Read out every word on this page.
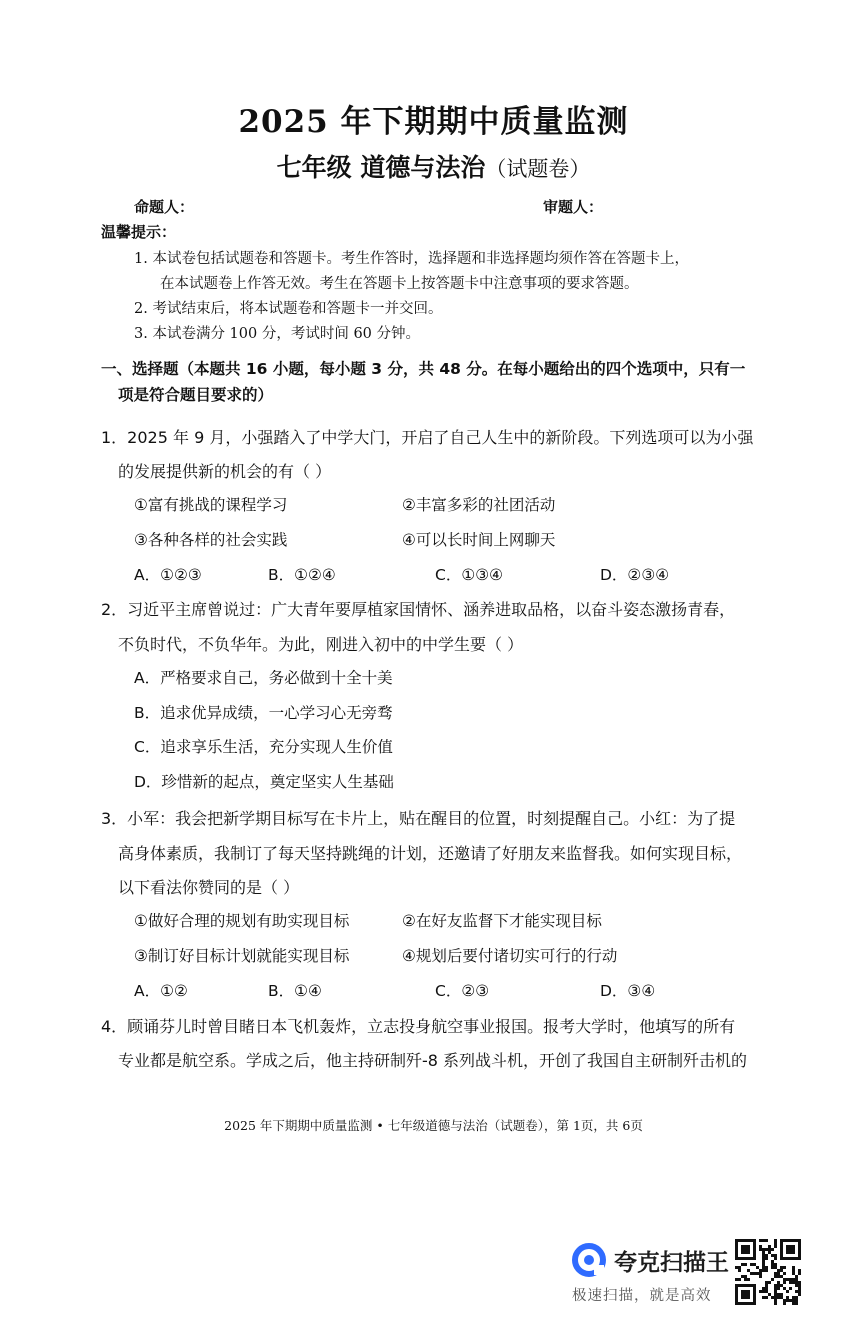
2025 年下期期中质量监测
七年级 道德与法治（试题卷）
命题人：	审题人：
温馨提示：
1. 本试卷包括试题卷和答题卡。考生作答时，选择题和非选择题均须作答在答题卡上，
在本试题卷上作答无效。考生在答题卡上按答题卡中注意事项的要求答题。
2. 考试结束后，将本试题卷和答题卡一并交回。
3. 本试卷满分 100 分，考试时间 60 分钟。
一、选择题（本题共 16 小题，每小题 3 分，共 48 分。在每小题给出的四个选项中，只有一
项是符合题目要求的）
1．2025 年 9 月，小强踏入了中学大门，开启了自己人生中的新阶段。下列选项可以为小强
的发展提供新的机会的有（ ）
①富有挑战的课程学习	②丰富多彩的社团活动
③各种各样的社会实践	④可以长时间上网聊天
A．①②③	B．①②④	C．①③④	D．②③④
2．习近平主席曾说过：广大青年要厚植家国情怀、涵养进取品格，以奋斗姿态激扬青春，
不负时代，不负华年。为此，刚进入初中的中学生要（ ）
A．严格要求自己，务必做到十全十美
B．追求优异成绩，一心学习心无旁骛
C．追求享乐生活，充分实现人生价值
D．珍惜新的起点，奠定坚实人生基础
3．小军：我会把新学期目标写在卡片上，贴在醒目的位置，时刻提醒自己。小红：为了提
高身体素质，我制订了每天坚持跳绳的计划，还邀请了好朋友来监督我。如何实现目标，
以下看法你赞同的是（ ）
①做好合理的规划有助实现目标	②在好友监督下才能实现目标
③制订好目标计划就能实现目标	④规划后要付诸切实可行的行动
A．①②	B．①④	C．②③	D．③④
4．顾诵芬儿时曾目睹日本飞机轰炸，立志投身航空事业报国。报考大学时，他填写的所有
专业都是航空系。学成之后，他主持研制歼-8 系列战斗机，开创了我国自主研制歼击机的
2025 年下期期中质量监测 • 七年级道德与法治（试题卷），第 1页，共 6页
夸克扫描王
极速扫描，就是高效
